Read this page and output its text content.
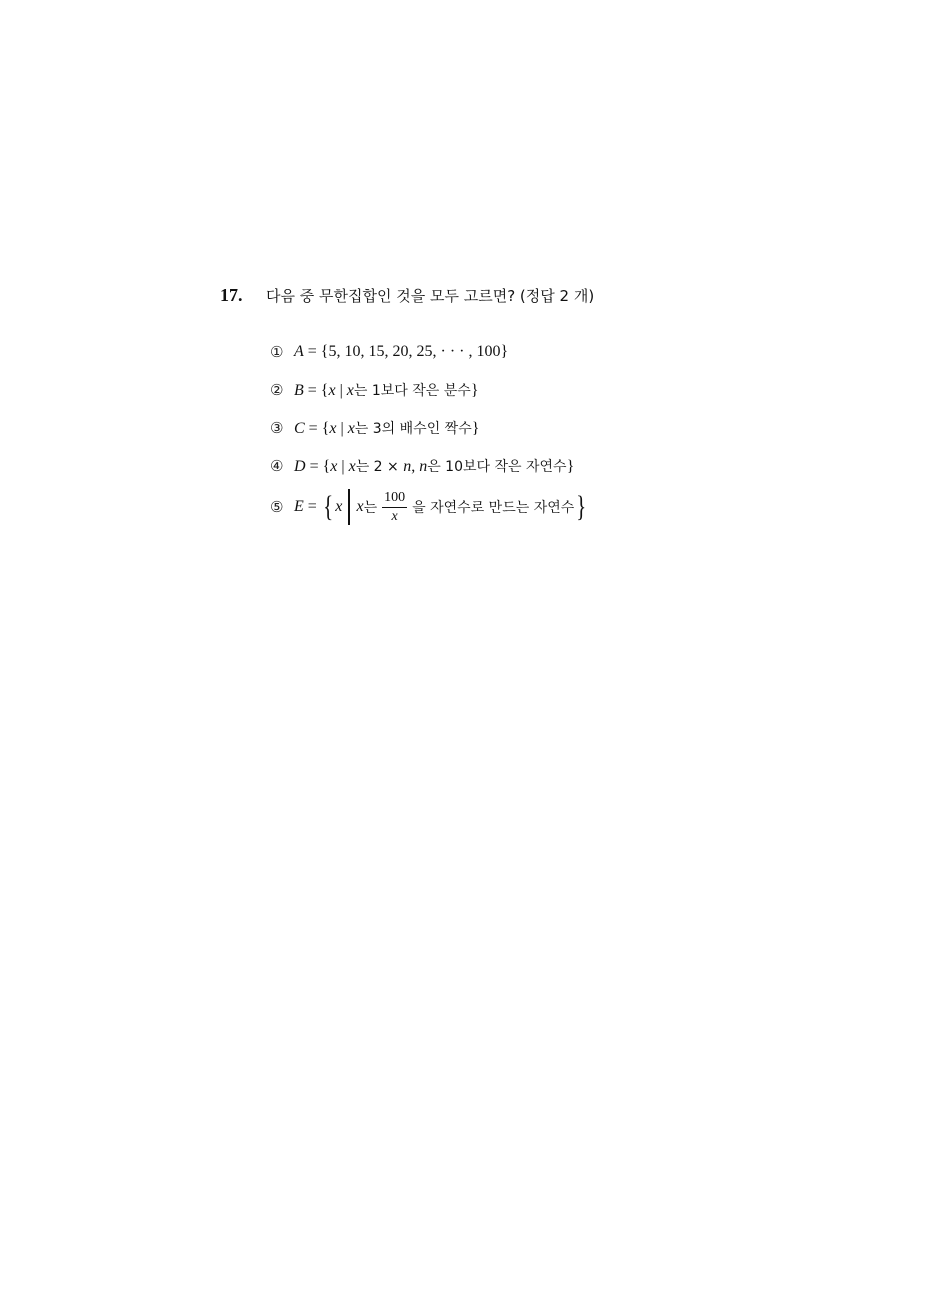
17.	다음 중 무한집합인 것을 모두 고르면? (정답 2 개)
① A = {5, 10, 15, 20, 25, · · · , 100}
② B = {x | x는 1보다 작은 분수}
③ C = {x | x는 3의 배수인 짝수}
④ D = {x | x는 2 × n, n은 10보다 작은 자연수}
⑤ E = { x x 는 $\frac{100}{x}$ 을 자연수로 만드는 자연수 }
